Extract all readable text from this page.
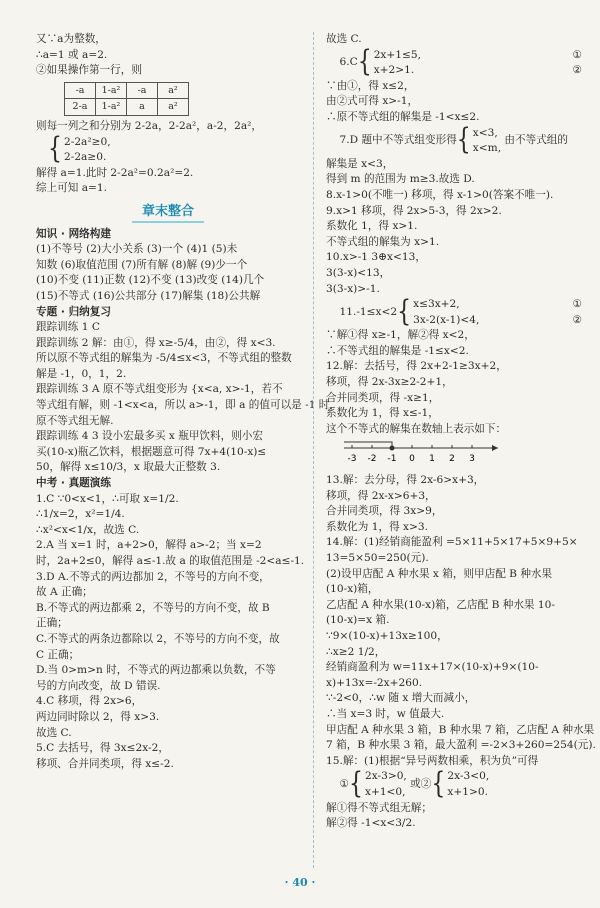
又∵a为整数，
∴a=1 或 a=2.
②如果操作第一行，则
-a	1-a²	-a	a²
2-a	1-a²	a	a²
则每一列之和分别为 2-2a，2-2a²，a-2，2a²，
{ 2-2a²≥0,
2-2a≥0.
解得 a=1.此时 2-2a²=0.2a²=2.
综上可知 a=1.
章末整合
知识 · 网络构建
(1)不等号 (2)大小关系 (3)一个 (4)1 (5)未
知数 (6)取值范围 (7)所有解 (8)解 (9)少一个
(10)不变 (11)正数 (12)不变 (13)改变 (14)几个
(15)不等式 (16)公共部分 (17)解集 (18)公共解
专题 · 归纳复习
跟踪训练 1 C
跟踪训练 2 解：由①，得 x≥-5/4，由②，得 x<3.
所以原不等式组的解集为 -5/4≤x<3，不等式组的整数
解是 -1，0，1，2.
跟踪训练 3 A 原不等式组变形为 {x<a, x>-1，若不
等式组有解，则 -1<x<a，所以 a>-1，即 a 的值可以是 -1 时，
原不等式组无解.
跟踪训练 4 3 设小宏最多买 x 瓶甲饮料，则小宏
买(10-x)瓶乙饮料，根据题意可得 7x+4(10-x)≤
50，解得 x≤10/3，x 取最大正整数 3.
中考 · 真题演练
1.C ∵0<x<1，∴可取 x=1/2.
∴1/x=2，x²=1/4.
∴x²<x<1/x，故选 C.
2.A 当 x=1 时，a+2>0，解得 a>-2；当 x=2
时，2a+2≤0，解得 a≤-1.故 a 的取值范围是 -2<a≤-1.
3.D A.不等式的两边都加 2，不等号的方向不变，
故 A 正确；
B.不等式的两边都乘 2，不等号的方向不变，故 B
正确；
C.不等式的两条边都除以 2，不等号的方向不变，故
C 正确；
D.当 0>m>n 时，不等式的两边都乘以负数，不等
号的方向改变，故 D 错误.
4.C 移项，得 2x>6，
两边同时除以 2，得 x>3.
故选 C.
5.C 去括号，得 3x≤2x-2，
移项、合并同类项，得 x≤-2.
故选 C.
6.C { 2x+1≤5,
x+2>1.
①
②
∵由①，得 x≤2，
由②式可得 x>-1，
∴原不等式组的解集是 -1<x≤2.
7.D 题中不等式组变形得 { x<3,
x<m,
由不等式组的
解集是 x<3，
得到 m 的范围为 m≥3.故选 D.
8.x-1>0(不唯一) 移项，得 x-1>0(答案不唯一).
9.x>1 移项，得 2x>5-3，得 2x>2.
系数化 1，得 x>1.
不等式组的解集为 x>1.
10.x>-1 3⊕x<13，
3(3-x)<13，
3(3-x)>-1.
11.-1≤x<2 { x≤3x+2,
3x-2(x-1)<4,
①
②
∵解①得 x≥-1，解②得 x<2，
∴不等式组的解集是 -1≤x<2.
12.解：去括号，得 2x+2-1≥3x+2，
移项，得 2x-3x≥2-2+1，
合并同类项，得 -x≥1，
系数化为 1，得 x≤-1，
这个不等式的解集在数轴上表示如下：
-3 -2 -1 0 1 2 3
13.解：去分母，得 2x-6>x+3，
移项，得 2x-x>6+3，
合并同类项，得 3x>9，
系数化为 1，得 x>3.
14.解：(1)经销商能盈利 =5×11+5×17+5×9+5×
13=5×50=250(元).
(2)设甲店配 A 种水果 x 箱，则甲店配 B 种水果
(10-x)箱，
乙店配 A 种水果(10-x)箱，乙店配 B 种水果 10-
(10-x)=x 箱.
∵9×(10-x)+13x≥100，
∴x≥2 1/2，
经销商盈利为 w=11x+17×(10-x)+9×(10-
x)+13x=-2x+260.
∵-2<0，∴w 随 x 增大而减小，
∴当 x=3 时，w 值最大.
甲店配 A 种水果 3 箱，B 种水果 7 箱，乙店配 A 种水果
7 箱，B 种水果 3 箱，最大盈利 =-2×3+260=254(元).
15.解：(1)根据“异号两数相乘，积为负”可得
① { 2x-3>0,
x+1<0,
或② { 2x-3<0,
x+1>0.
解①得不等式组无解；
解②得 -1<x<3/2.
· 40 ·
